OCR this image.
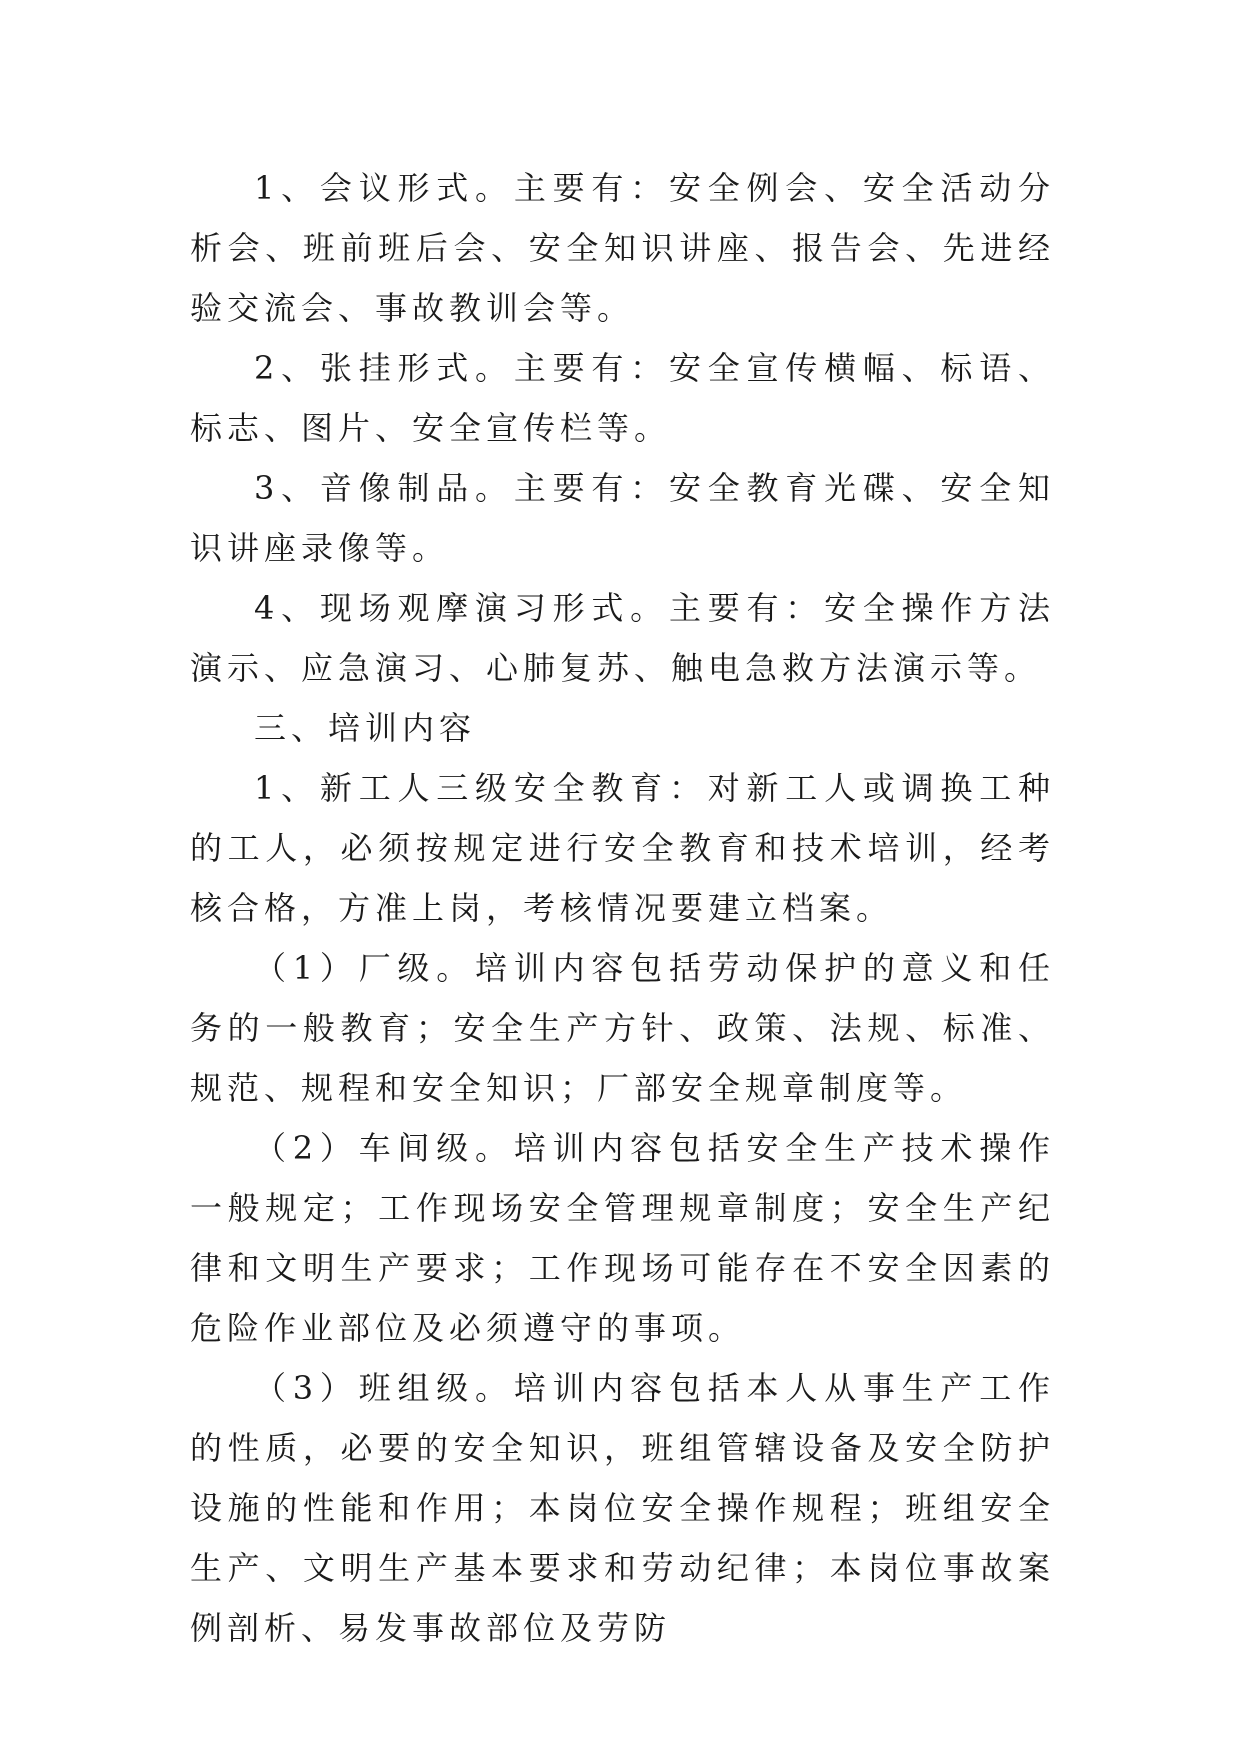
1、会议形式。主要有：安全例会、安全活动分析会、班前班后会、安全知识讲座、报告会、先进经验交流会、事故教训会等。

2、张挂形式。主要有：安全宣传横幅、标语、标志、图片、安全宣传栏等。

3、音像制品。主要有：安全教育光碟、安全知识讲座录像等。

4、现场观摩演习形式。主要有：安全操作方法演示、应急演习、心肺复苏、触电急救方法演示等。

三、培训内容

1、新工人三级安全教育：对新工人或调换工种的工人，必须按规定进行安全教育和技术培训，经考核合格，方准上岗，考核情况要建立档案。

（1）厂级。培训内容包括劳动保护的意义和任务的一般教育；安全生产方针、政策、法规、标准、规范、规程和安全知识；厂部安全规章制度等。

（2）车间级。培训内容包括安全生产技术操作一般规定；工作现场安全管理规章制度；安全生产纪律和文明生产要求；工作现场可能存在不安全因素的危险作业部位及必须遵守的事项。

（3）班组级。培训内容包括本人从事生产工作的性质，必要的安全知识，班组管辖设备及安全防护设施的性能和作用；本岗位安全操作规程；班组安全生产、文明生产基本要求和劳动纪律；本岗位事故案例剖析、易发事故部位及劳防
